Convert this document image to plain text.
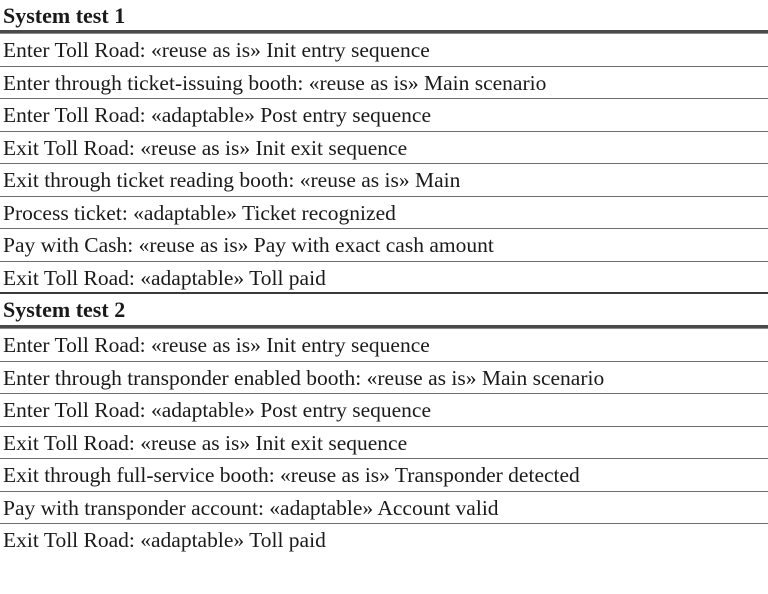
System test 1
Enter Toll Road: «reuse as is» Init entry sequence
Enter through ticket-issuing booth: «reuse as is» Main scenario
Enter Toll Road: «adaptable» Post entry sequence
Exit Toll Road: «reuse as is» Init exit sequence
Exit through ticket reading booth: «reuse as is» Main
Process ticket: «adaptable» Ticket recognized
Pay with Cash: «reuse as is» Pay with exact cash amount
Exit Toll Road: «adaptable» Toll paid
System test 2
Enter Toll Road: «reuse as is» Init entry sequence
Enter through transponder enabled booth: «reuse as is» Main scenario
Enter Toll Road: «adaptable» Post entry sequence
Exit Toll Road: «reuse as is» Init exit sequence
Exit through full-service booth: «reuse as is» Transponder detected
Pay with transponder account: «adaptable» Account valid
Exit Toll Road: «adaptable» Toll paid
